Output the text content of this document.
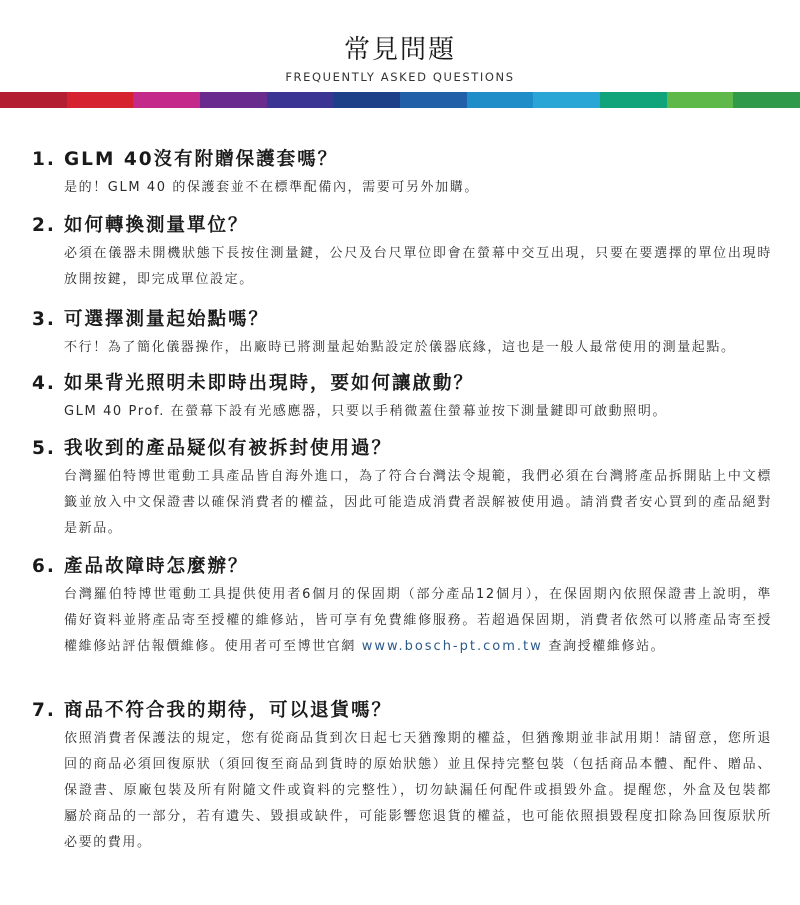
常見問題
FREQUENTLY ASKED QUESTIONS
1. GLM 40沒有附贈保護套嗎？
是的！GLM 40 的保護套並不在標準配備內，需要可另外加購。
2. 如何轉換測量單位？
必須在儀器未開機狀態下長按住測量鍵，公尺及台尺單位即會在螢幕中交互出現，只要在要選擇的單位出現時放開按鍵，即完成單位設定。
3. 可選擇測量起始點嗎？
不行！為了簡化儀器操作，出廠時已將測量起始點設定於儀器底緣，這也是一般人最常使用的測量起點。
4. 如果背光照明未即時出現時，要如何讓啟動？
GLM 40 Prof. 在螢幕下設有光感應器，只要以手稍微蓋住螢幕並按下測量鍵即可啟動照明。
5. 我收到的產品疑似有被拆封使用過？
台灣羅伯特博世電動工具產品皆自海外進口，為了符合台灣法令規範，我們必須在台灣將產品拆開貼上中文標籤並放入中文保證書以確保消費者的權益，因此可能造成消費者誤解被使用過。請消費者安心買到的產品絕對是新品。
6. 產品故障時怎麼辦？
台灣羅伯特博世電動工具提供使用者6個月的保固期（部分產品12個月），在保固期內依照保證書上說明，準備好資料並將產品寄至授權的維修站，皆可享有免費維修服務。若超過保固期，消費者依然可以將產品寄至授權維修站評估報價維修。使用者可至博世官網 www.bosch-pt.com.tw 查詢授權維修站。
7. 商品不符合我的期待，可以退貨嗎？
依照消費者保護法的規定，您有從商品貨到次日起七天猶豫期的權益，但猶豫期並非試用期！請留意，您所退回的商品必須回復原狀（須回復至商品到貨時的原始狀態）並且保持完整包裝（包括商品本體、配件、贈品、保證書、原廠包裝及所有附隨文件或資料的完整性），切勿缺漏任何配件或損毀外盒。提醒您，外盒及包裝都屬於商品的一部分，若有遺失、毀損或缺件，可能影響您退貨的權益，也可能依照損毀程度扣除為回復原狀所必要的費用。
